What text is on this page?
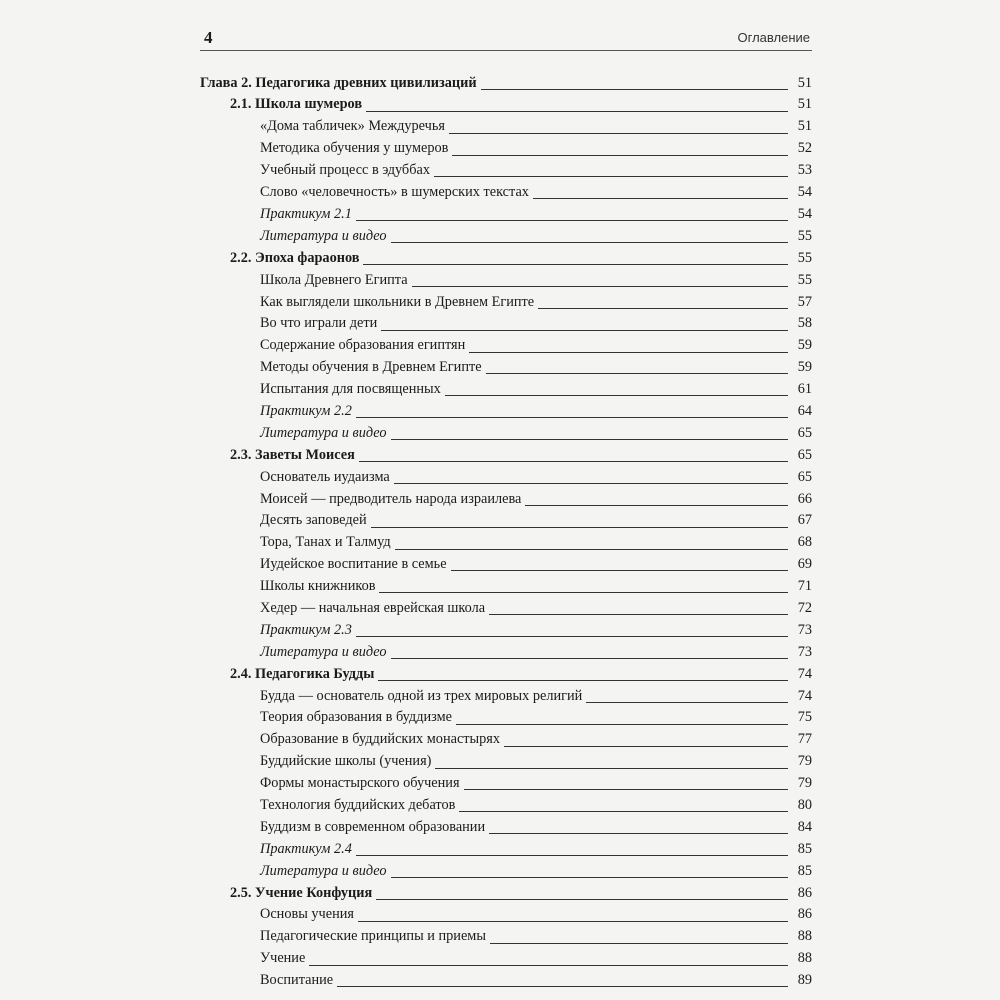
4	Оглавление
Глава 2. Педагогика древних цивилизаций	51
2.1. Школа шумеров	51
«Дома табличек» Междуречья	51
Методика обучения у шумеров	52
Учебный процесс в эдуббах	53
Слово «человечность» в шумерских текстах	54
Практикум 2.1	54
Литература и видео	55
2.2. Эпоха фараонов	55
Школа Древнего Египта	55
Как выглядели школьники в Древнем Египте	57
Во что играли дети	58
Содержание образования египтян	59
Методы обучения в Древнем Египте	59
Испытания для посвященных	61
Практикум 2.2	64
Литература и видео	65
2.3. Заветы Моисея	65
Основатель иудаизма	65
Моисей — предводитель народа израилева	66
Десять заповедей	67
Тора, Танах и Талмуд	68
Иудейское воспитание в семье	69
Школы книжников	71
Хедер — начальная еврейская школа	72
Практикум 2.3	73
Литература и видео	73
2.4. Педагогика Будды	74
Будда — основатель одной из трех мировых религий	74
Теория образования в буддизме	75
Образование в буддийских монастырях	77
Буддийские школы (учения)	79
Формы монастырского обучения	79
Технология буддийских дебатов	80
Буддизм в современном образовании	84
Практикум 2.4	85
Литература и видео	85
2.5. Учение Конфуция	86
Основы учения	86
Педагогические принципы и приемы	88
Учение	88
Воспитание	89
